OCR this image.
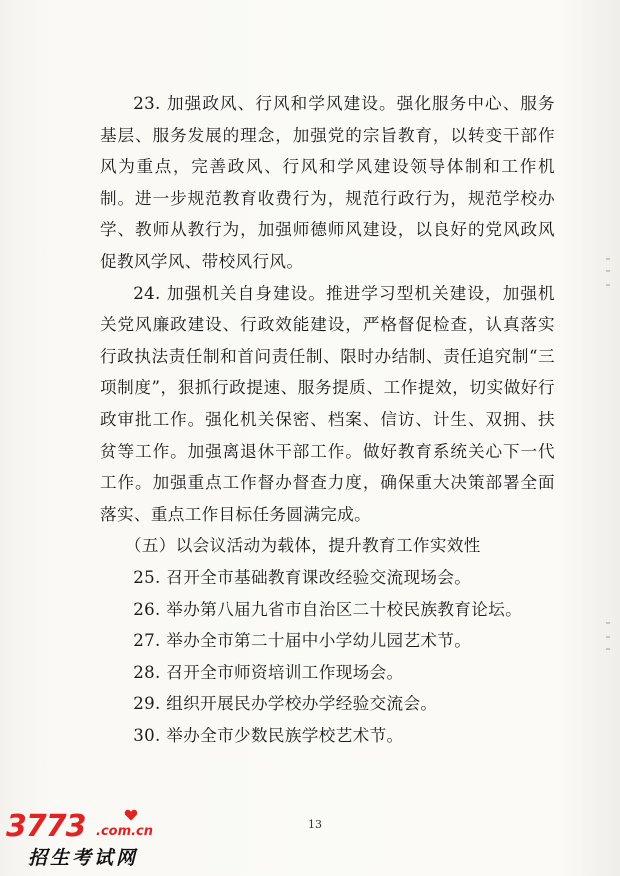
23. 加强政风、行风和学风建设。强化服务中心、服务基层、服务发展的理念，加强党的宗旨教育，以转变干部作风为重点，完善政风、行风和学风建设领导体制和工作机制。进一步规范教育收费行为，规范行政行为，规范学校办学、教师从教行为，加强师德师风建设，以良好的党风政风促教风学风、带校风行风。

24. 加强机关自身建设。推进学习型机关建设，加强机关党风廉政建设、行政效能建设，严格督促检查，认真落实行政执法责任制和首问责任制、限时办结制、责任追究制“三项制度”，狠抓行政提速、服务提质、工作提效，切实做好行政审批工作。强化机关保密、档案、信访、计生、双拥、扶贫等工作。加强离退休干部工作。做好教育系统关心下一代工作。加强重点工作督办督查力度，确保重大决策部署全面落实、重点工作目标任务圆满完成。

（五）以会议活动为载体，提升教育工作实效性

25. 召开全市基础教育课改经验交流现场会。

26. 举办第八届九省市自治区二十校民族教育论坛。

27. 举办全市第二十届中小学幼儿园艺术节。

28. 召开全市师资培训工作现场会。

29. 组织开展民办学校办学经验交流会。

30. 举办全市少数民族学校艺术节。

13
3773 .com.cn
招生考试网
